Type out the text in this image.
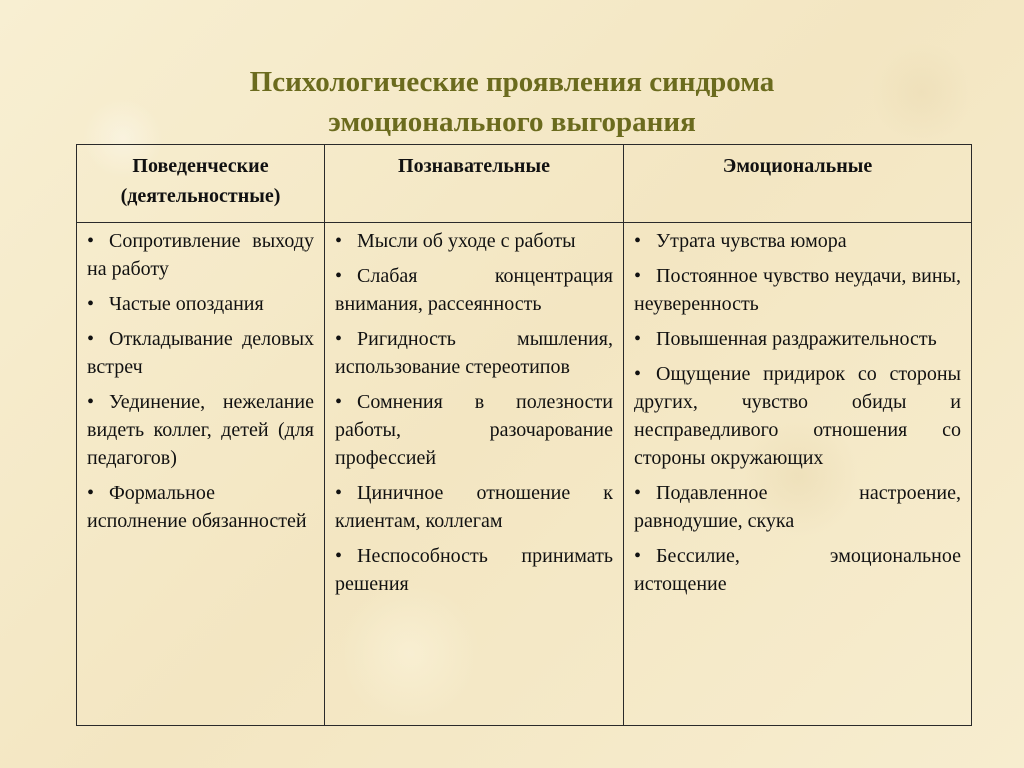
Психологические проявления синдрома
эмоционального выгорания
Поведенческие
(деятельностные)
Познавательные	Эмоциональные
• Сопротивление выходу на работу
• Частые опоздания
• Откладывание деловых встреч
• Уединение, нежелание видеть коллег, детей (для педагогов)
• Формальное исполнение обязанностей
• Мысли об уходе с работы
• Слабая концентрация внимания, рассеянность
• Ригидность мышления, использование стереотипов
• Сомнения в полезности работы, разочарование профессией
• Циничное отношение к клиентам, коллегам
• Неспособность принимать решения
• Утрата чувства юмора
• Постоянное чувство неудачи, вины, неуверенность
• Повышенная раздражительность
• Ощущение придирок со стороны других, чувство обиды и несправедливого отношения со стороны окружающих
• Подавленное настроение, равнодушие, скука
• Бессилие, эмоциональное истощение
